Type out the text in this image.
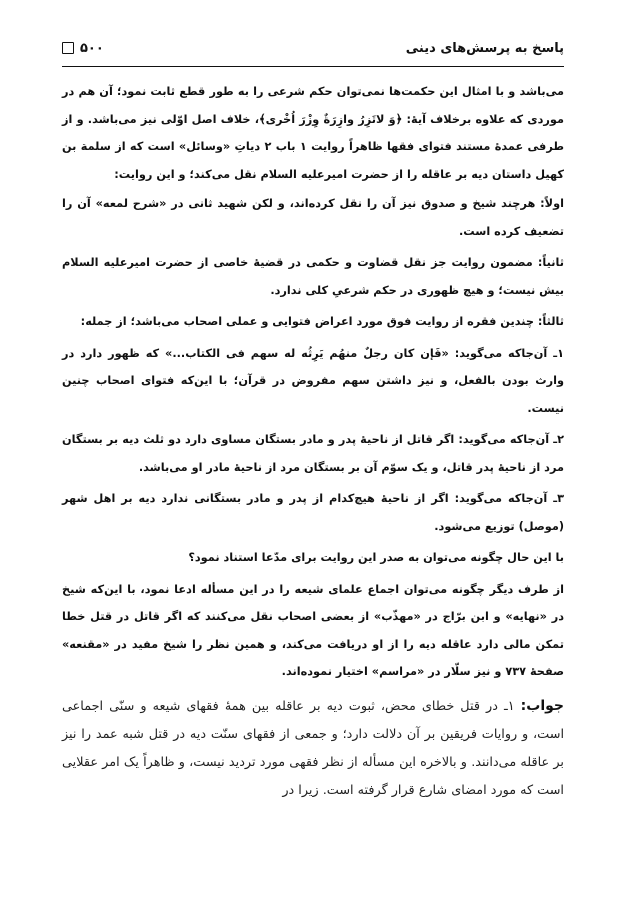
۵۰۰	پاسخ به پرسش‌های دینی

می‌باشد و با امثال این حکمت‌ها نمی‌توان حکم شرعی را به طور قطع ثابت نمود؛ آن هم در موردی که علاوه برخلاف آیهٔ: ﴿وَ لاتَزِرُ وازِرَةٌ وِزْرَ اُخْرى﴾، خلاف اصل اوّلی نیز می‌باشد. و از طرفی عمدهٔ مستند فتوای فقها ظاهراً روایت ۱ باب ۲ دیاتِ «وسائل» است که از سلمة بن کهیل داستان دیه بر عاقله را از حضرت امیرعلیه السلام نقل می‌کند؛ و این روایت:

اولاً: هرچند شیخ و صدوق نیز آن را نقل کرده‌اند، و لکن شهید ثانی در «شرح لمعه» آن را تضعیف کرده است.

ثانیاً: مضمون روایت جز نقل قضاوت و حکمی در قضیهٔ خاصی از حضرت امیرعلیه السلام بیش نیست؛ و هیچ ظهوری در حکم شرعیِ کلی ندارد.

ثالثاً: چندین فقره از روایت فوق مورد اعراض فتوایی و عملی اصحاب می‌باشد؛ از جمله:

۱ـ آن‌جاکه می‌گوید: «فَإن کان رجلٌ منهُم یَرِثُه له سهم فی الکتاب...» که ظهور دارد در وارث بودن بالفعل، و نیز داشتن سهم مفروض در قرآن؛ با این‌که فتوای اصحاب چنین نیست.

۲ـ آن‌جاکه می‌گوید: اگر قاتل از ناحیهٔ پدر و مادر بستگان مساوی دارد دو ثلث دیه بر بستگان مرد از ناحیهٔ پدر قاتل، و یک سوّم آن بر بستگان مرد از ناحیهٔ مادر او می‌باشد.

۳ـ آن‌جاکه می‌گوید: اگر از ناحیهٔ هیچ‌کدام از پدر و مادر بستگانی ندارد دیه بر اهل شهر (موصل) توزیع می‌شود.

با این حال چگونه می‌توان به صدر این روایت برای مدّعا استناد نمود؟

از طرف دیگر چگونه می‌توان اجماع علمای شیعه را در این مسأله ادعا نمود، با این‌که شیخ در «نهایه» و ابن برّاج در «مهذّب» از بعضی اصحاب نقل می‌کنند که اگر قاتل در قتل خطا تمکن مالی دارد عاقله دیه را از او دریافت می‌کند، و همین نظر را شیخ مفید در «مقنعه» صفحهٔ ۷۳۷ و نیز سلّار در «مراسم» اختیار نموده‌اند.

جواب: ۱ـ در قتل خطای محض، ثبوت دیه بر عاقله بین همهٔ فقهای شیعه و سنّی اجماعی است، و روایات فریقین بر آن دلالت دارد؛ و جمعی از فقهای سنّت دیه در قتل شبه عمد را نیز بر عاقله می‌دانند. و بالاخره این مسأله از نظر فقهی مورد تردید نیست، و ظاهراً یک امر عقلایی است که مورد امضای شارع قرار گرفته است. زیرا در
